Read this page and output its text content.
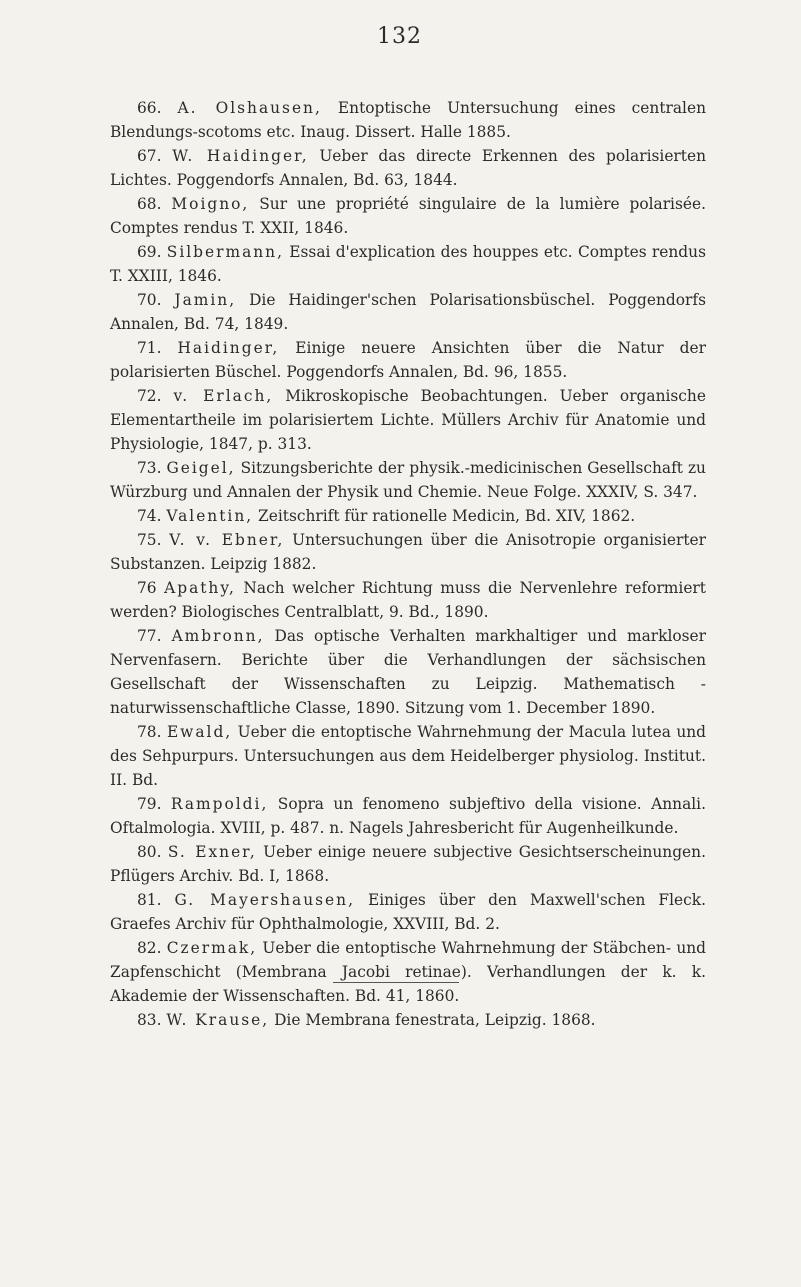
132

66. A. Olshausen, Entoptische Untersuchung eines centralen Blendungs-scotoms etc. Inaug. Dissert. Halle 1885.

67. W. Haidinger, Ueber das directe Erkennen des polarisierten Lichtes. Poggendorfs Annalen, Bd. 63, 1844.

68. Moigno, Sur une propriété singulaire de la lumière polarisée. Comptes rendus T. XXII, 1846.

69. Silbermann, Essai d'explication des houppes etc. Comptes rendus T. XXIII, 1846.

70. Jamin, Die Haidinger'schen Polarisationsbüschel. Poggendorfs Annalen, Bd. 74, 1849.

71. Haidinger, Einige neuere Ansichten über die Natur der polarisierten Büschel. Poggendorfs Annalen, Bd. 96, 1855.

72. v. Erlach, Mikroskopische Beobachtungen. Ueber organische Elementartheile im polarisiertem Lichte. Müllers Archiv für Anatomie und Physiologie, 1847, p. 313.

73. Geigel, Sitzungsberichte der physik.-medicinischen Gesellschaft zu Würzburg und Annalen der Physik und Chemie. Neue Folge. XXXIV, S. 347.

74. Valentin, Zeitschrift für rationelle Medicin, Bd. XIV, 1862.

75. V. v. Ebner, Untersuchungen über die Anisotropie organisierter Substanzen. Leipzig 1882.

76 Apathy, Nach welcher Richtung muss die Nervenlehre reformiert werden? Biologisches Centralblatt, 9. Bd., 1890.

77. Ambronn, Das optische Verhalten markhaltiger und markloser Nervenfasern. Berichte über die Verhandlungen der sächsischen Gesellschaft der Wissenschaften zu Leipzig. Mathematisch - naturwissenschaftliche Classe, 1890. Sitzung vom 1. December 1890.

78. Ewald, Ueber die entoptische Wahrnehmung der Macula lutea und des Sehpurpurs. Untersuchungen aus dem Heidelberger physiolog. Institut. II. Bd.

79. Rampoldi, Sopra un fenomeno subjeftivo della visione. Annali. Oftalmologia. XVIII, p. 487. n. Nagels Jahresbericht für Augenheilkunde.

80. S. Exner, Ueber einige neuere subjective Gesichtserscheinungen. Pflügers Archiv. Bd. I, 1868.

81. G. Mayershausen, Einiges über den Maxwell'schen Fleck. Graefes Archiv für Ophthalmologie, XXVIII, Bd. 2.

82. Czermak, Ueber die entoptische Wahrnehmung der Stäbchen- und Zapfenschicht (Membrana Jacobi retinae). Verhandlungen der k. k. Akademie der Wissenschaften. Bd. 41, 1860.

83. W. Krause, Die Membrana fenestrata, Leipzig. 1868.
